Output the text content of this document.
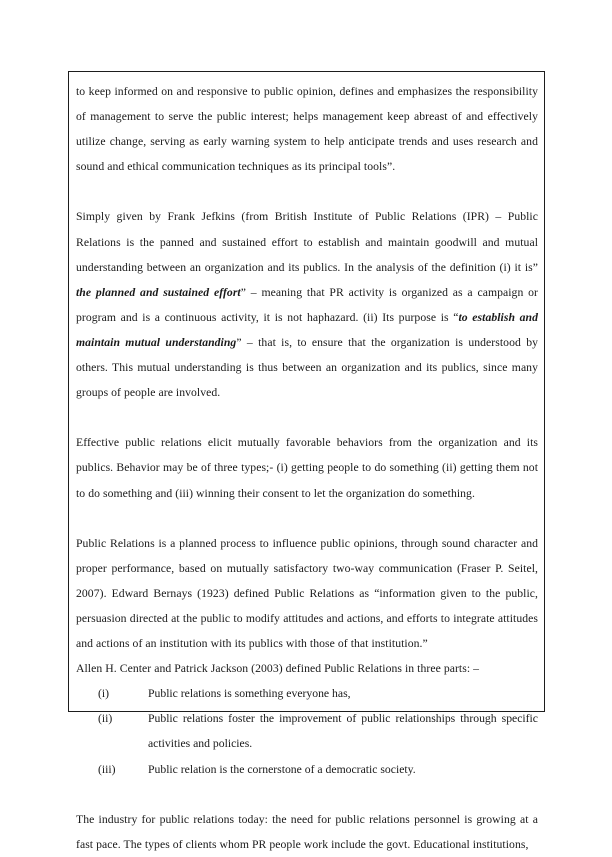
to keep informed on and responsive to public opinion, defines and emphasizes the responsibility of management to serve the public interest; helps management keep abreast of and effectively utilize change, serving as early warning system to help anticipate trends and uses research and sound and ethical communication techniques as its principal tools”.

Simply given by Frank Jefkins (from British Institute of Public Relations (IPR) – Public Relations is the panned and sustained effort to establish and maintain goodwill and mutual understanding between an organization and its publics. In the analysis of the definition (i) it is” the planned and sustained effort” – meaning that PR activity is organized as a campaign or program and is a continuous activity, it is not haphazard. (ii) Its purpose is “to establish and maintain mutual understanding” – that is, to ensure that the organization is understood by others. This mutual understanding is thus between an organization and its publics, since many groups of people are involved.

Effective public relations elicit mutually favorable behaviors from the organization and its publics. Behavior may be of three types;- (i) getting people to do something (ii) getting them not to do something and (iii) winning their consent to let the organization do something.

Public Relations is a planned process to influence public opinions, through sound character and proper performance, based on mutually satisfactory two-way communication (Fraser P. Seitel, 2007). Edward Bernays (1923) defined Public Relations as “information given to the public, persuasion directed at the public to modify attitudes and actions, and efforts to integrate attitudes and actions of an institution with its publics with those of that institution.”

Allen H. Center and Patrick Jackson (2003) defined Public Relations in three parts: –

(i)	Public relations is something everyone has,
(ii)	Public relations foster the improvement of public relationships through specific activities and policies.
(iii)	Public relation is the cornerstone of a democratic society.

The industry for public relations today: the need for public relations personnel is growing at a fast pace. The types of clients whom PR people work include the govt. Educational institutions,
